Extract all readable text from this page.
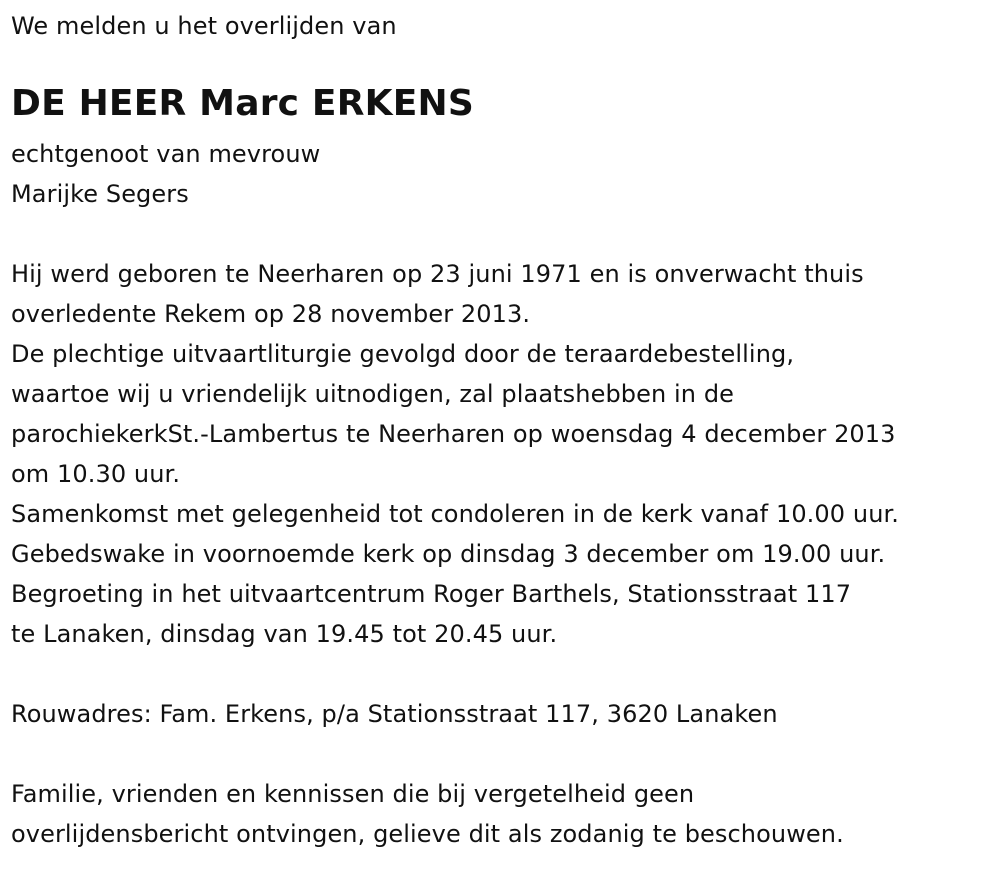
We melden u het overlijden van
DE HEER Marc ERKENS
echtgenoot van mevrouw
Marijke Segers
Hij werd geboren te Neerharen op 23 juni 1971 en is onverwacht thuis
overledente Rekem op 28 november 2013.
De plechtige uitvaartliturgie gevolgd door de teraardebestelling,
waartoe wij u vriendelijk uitnodigen, zal plaatshebben in de
parochiekerkSt.-Lambertus te Neerharen op woensdag 4 december 2013
om 10.30 uur.
Samenkomst met gelegenheid tot condoleren in de kerk vanaf 10.00 uur.
Gebedswake in voornoemde kerk op dinsdag 3 december om 19.00 uur.
Begroeting in het uitvaartcentrum Roger Barthels, Stationsstraat 117
te Lanaken, dinsdag van 19.45 tot 20.45 uur.
Rouwadres: Fam. Erkens, p/a Stationsstraat 117, 3620 Lanaken
Familie, vrienden en kennissen die bij vergetelheid geen
overlijdensbericht ontvingen, gelieve dit als zodanig te beschouwen.
